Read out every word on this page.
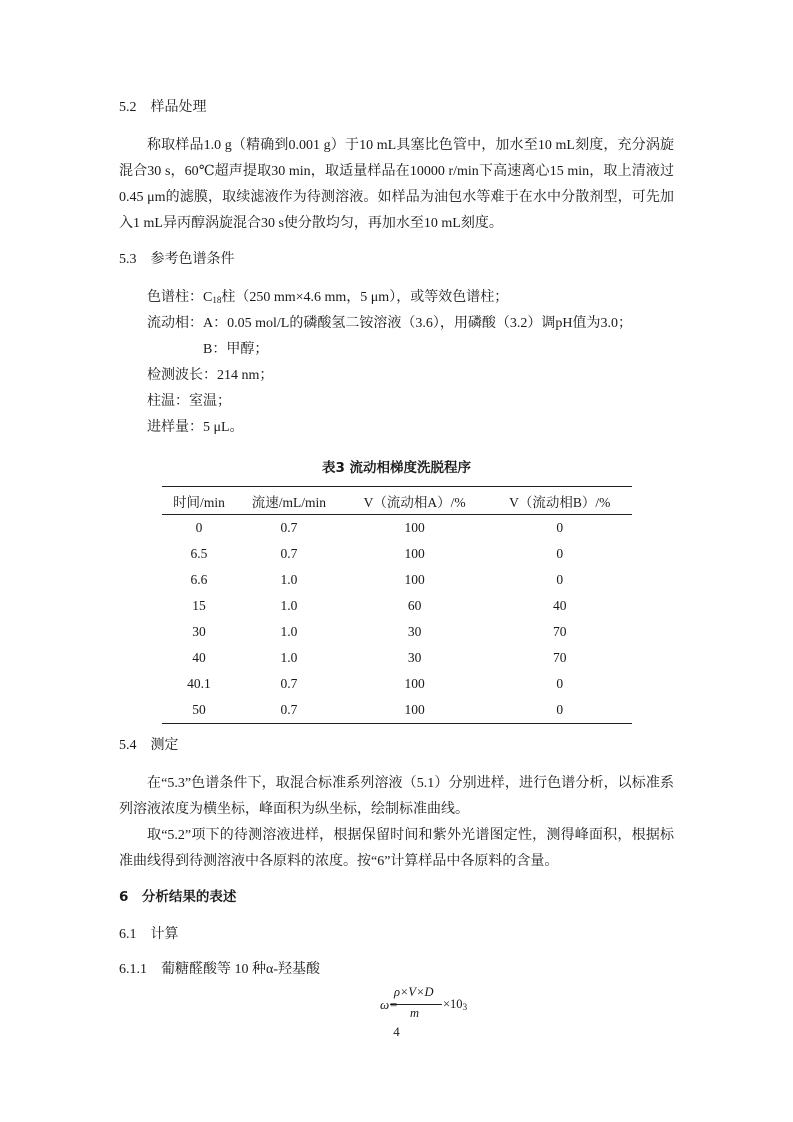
5.2　样品处理
称取样品1.0 g（精确到0.001 g）于10 mL具塞比色管中，加水至10 mL刻度，充分涡旋混合30 s，60℃超声提取30 min，取适量样品在10000 r/min下高速离心15 min，取上清液过0.45 μm的滤膜，取续滤液作为待测溶液。如样品为油包水等难于在水中分散剂型，可先加入1 mL异丙醇涡旋混合30 s使分散均匀，再加水至10 mL刻度。
5.3　参考色谱条件
色谱柱：$C_{18}$柱（250 mm×4.6 mm，5 μm），或等效色谱柱；
流动相：A：0.05 mol/L的磷酸氢二铵溶液（3.6），用磷酸（3.2）调pH值为3.0；
B：甲醇；
检测波长：214 nm；
柱温：室温；
进样量：5 μL。
表3 流动相梯度洗脱程序
时间/min	流速/mL/min	V（流动相A）/%	V（流动相B）/%
0	0.7	100	0
6.5	0.7	100	0
6.6	1.0	100	0
15	1.0	60	40
30	1.0	30	70
40	1.0	30	70
40.1	0.7	100	0
50	0.7	100	0
5.4　测定
在“5.3”色谱条件下，取混合标准系列溶液（5.1）分别进样，进行色谱分析，以标准系列溶液浓度为横坐标，峰面积为纵坐标，绘制标准曲线。
取“5.2”项下的待测溶液进样，根据保留时间和紫外光谱图定性，测得峰面积，根据标准曲线得到待测溶液中各原料的浓度。按“6”计算样品中各原料的含量。
6　分析结果的表述
6.1　计算
6.1.1　葡糖醛酸等 10 种α-羟基酸
ω=
ρ×V×D
m
×103
4
